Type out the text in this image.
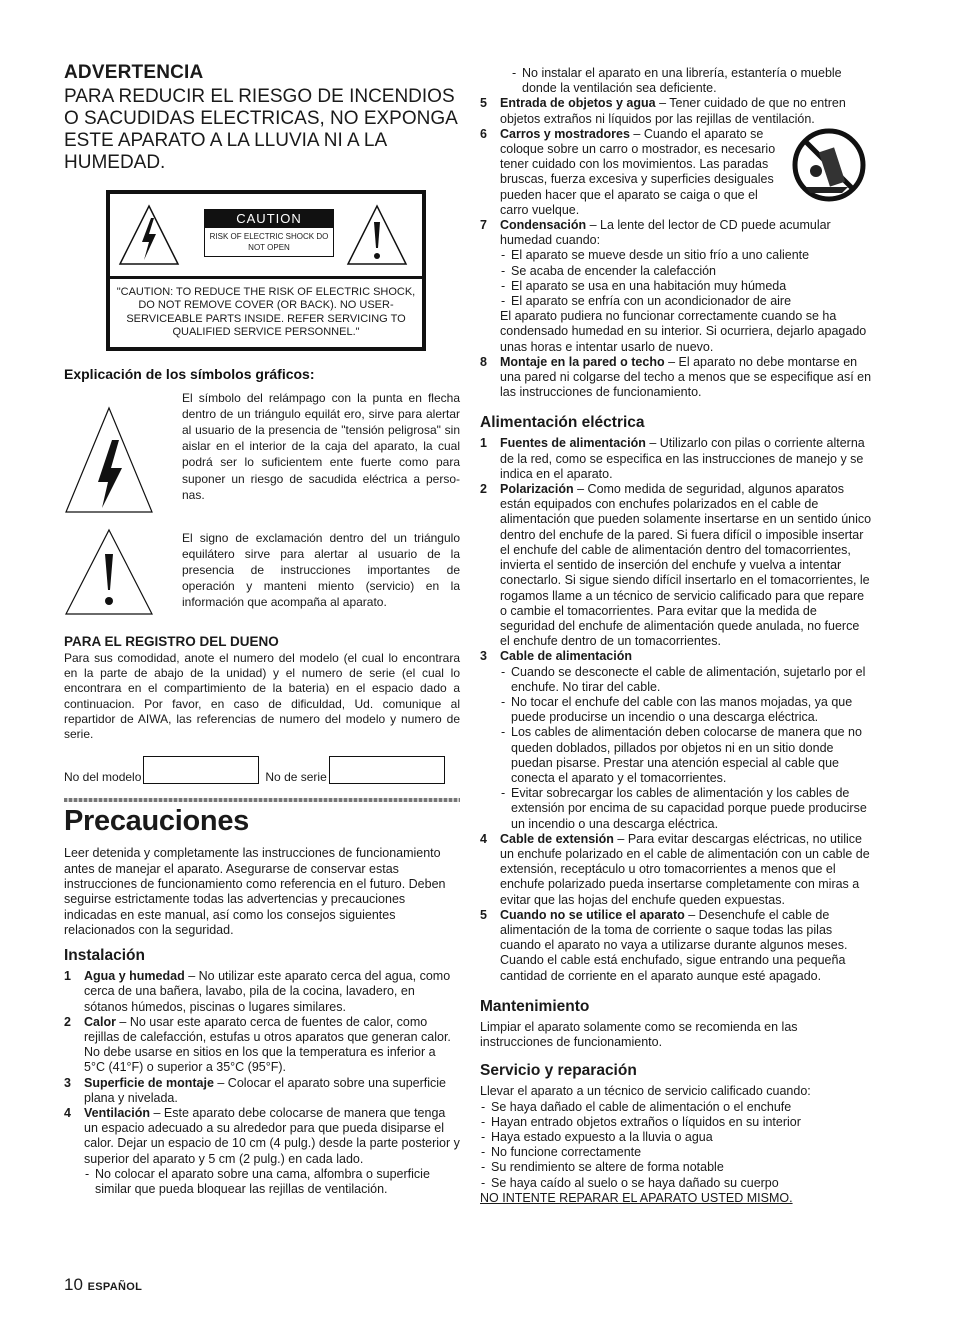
ADVERTENCIA
PARA REDUCIR EL RIESGO DE INCENDIOS O SACUDIDAS ELECTRICAS, NO EXPONGA ESTE APARATO A LA LLUVIA NI A LA HUMEDAD.
CAUTION
RISK OF ELECTRIC SHOCK DO NOT OPEN
"CAUTION: TO REDUCE THE RISK OF ELECTRIC SHOCK, DO NOT REMOVE COVER (OR BACK). NO USER-SERVICEABLE PARTS INSIDE. REFER SERVICING TO QUALIFIED SERVICE PERSONNEL."
Explicación de los símbolos gráficos:
El símbolo del relámpago con la punta en flecha dentro de un triángulo equilát ero, sirve para alertar al usuario de la presencia de "tensión peligrosa" sin aislar en el interior de la caja del aparato, la cual podrá ser lo suficientem ente fuerte como para suponer un riesgo de sacudida eléctrica a perso- nas.
El signo de exclamación dentro del un triángulo equilátero sirve para alertar al usuario de la presencia de instrucciones importantes de operación y manteni miento (servicio) en la información que acompaña al aparato.
PARA EL REGISTRO DEL DUENO
Para sus comodidad, anote el numero del modelo (el cual lo encontrara en la parte de abajo de la unidad) y el numero de serie (el cual lo encontrara en el compartimiento de la bateria) en el espacio dado a continuacion. Por favor, en caso de dificuldad, Ud. comunique al repartidor de AIWA, las referencias de numero del modelo y numero de serie.
No del modelo	No de serie
Precauciones
Leer detenida y completamente las instrucciones de funcionamiento antes de manejar el aparato. Asegurarse de conservar estas instrucciones de funcionamiento como referencia en el futuro. Deben seguirse estrictamente todas las advertencias y precauciones indicadas en este manual, así como los consejos siguientes relacionados con la seguridad.
Instalación
1 Agua y humedad – No utilizar este aparato cerca del agua, como cerca de una bañera, lavabo, pila de la cocina, lavadero, en sótanos húmedos, piscinas o lugares similares.
2 Calor – No usar este aparato cerca de fuentes de calor, como rejillas de calefacción, estufas u otros aparatos que generan calor. No debe usarse en sitios en los que la temperatura es inferior a 5°C (41°F) o superior a 35°C (95°F).
3 Superficie de montaje – Colocar el aparato sobre una superficie plana y nivelada.
4 Ventilación – Este aparato debe colocarse de manera que tenga un espacio adecuado a su alrededor para que pueda disiparse el calor. Dejar un espacio de 10 cm (4 pulg.) desde la parte posterior y superior del aparato y 5 cm (2 pulg.) en cada lado.
- No colocar el aparato sobre una cama, alfombra o superficie similar que pueda bloquear las rejillas de ventilación.
- No instalar el aparato en una librería, estantería o mueble donde la ventilación sea deficiente.
5 Entrada de objetos y agua – Tener cuidado de que no entren objetos extraños ni líquidos por las rejillas de ventilación.
6 Carros y mostradores – Cuando el aparato se coloque sobre un carro o mostrador, es necesario tener cuidado con los movimientos. Las paradas bruscas, fuerza excesiva y superficies desiguales pueden hacer que el aparato se caiga o que el carro vuelque.
7 Condensación – La lente del lector de CD puede acumular humedad cuando:
- El aparato se mueve desde un sitio frío a uno caliente
- Se acaba de encender la calefacción
- El aparato se usa en una habitación muy húmeda
- El aparato se enfría con un acondicionador de aire
El aparato pudiera no funcionar correctamente cuando se ha condensado humedad en su interior. Si ocurriera, dejarlo apagado unas horas e intentar usarlo de nuevo.
8 Montaje en la pared o techo – El aparato no debe montarse en una pared ni colgarse del techo a menos que se especifique así en las instrucciones de funcionamiento.
Alimentación eléctrica
1 Fuentes de alimentación – Utilizarlo con pilas o corriente alterna de la red, como se especifica en las instrucciones de manejo y se indica en el aparato.
2 Polarización – Como medida de seguridad, algunos aparatos están equipados con enchufes polarizados en el cable de alimentación que pueden solamente insertarse en un sentido único dentro del enchufe de la pared. Si fuera difícil o imposible insertar el enchufe del cable de alimentación dentro del tomacorrientes, invierta el sentido de inserción del enchufe y vuelva a intentar conectarlo. Si sigue siendo difícil insertarlo en el tomacorrientes, le rogamos llame a un técnico de servicio calificado para que repare o cambie el tomacorrientes. Para evitar que la medida de seguridad del enchufe de alimentación quede anulada, no fuerce el enchufe dentro de un tomacorrientes.
3 Cable de alimentación
- Cuando se desconecte el cable de alimentación, sujetarlo por el enchufe. No tirar del cable.
- No tocar el enchufe del cable con las manos mojadas, ya que puede producirse un incendio o una descarga eléctrica.
- Los cables de alimentación deben colocarse de manera que no queden doblados, pillados por objetos ni en un sitio donde puedan pisarse. Prestar una atención especial al cable que conecta el aparato y el tomacorrientes.
- Evitar sobrecargar los cables de alimentación y los cables de extensión por encima de su capacidad porque puede producirse un incendio o una descarga eléctrica.
4 Cable de extensión – Para evitar descargas eléctricas, no utilice un enchufe polarizado en el cable de alimentación con un cable de extensión, receptáculo u otro tomacorrientes a menos que el enchufe polarizado pueda insertarse completamente con miras a evitar que las hojas del enchufe queden expuestas.
5 Cuando no se utilice el aparato – Desenchufe el cable de alimentación de la toma de corriente o saque todas las pilas cuando el aparato no vaya a utilizarse durante algunos meses. Cuando el cable está enchufado, sigue entrando una pequeña cantidad de corriente en el aparato aunque esté apagado.
Mantenimiento
Limpiar el aparato solamente como se recomienda en las instrucciones de funcionamiento.
Servicio y reparación
Llevar el aparato a un técnico de servicio calificado cuando:
- Se haya dañado el cable de alimentación o el enchufe
- Hayan entrado objetos extraños o líquidos en su interior
- Haya estado expuesto a la lluvia o agua
- No funcione correctamente
- Su rendimiento se altere de forma notable
- Se haya caído al suelo o se haya dañado su cuerpo
NO INTENTE REPARAR EL APARATO USTED MISMO.
10 ESPAÑOL
